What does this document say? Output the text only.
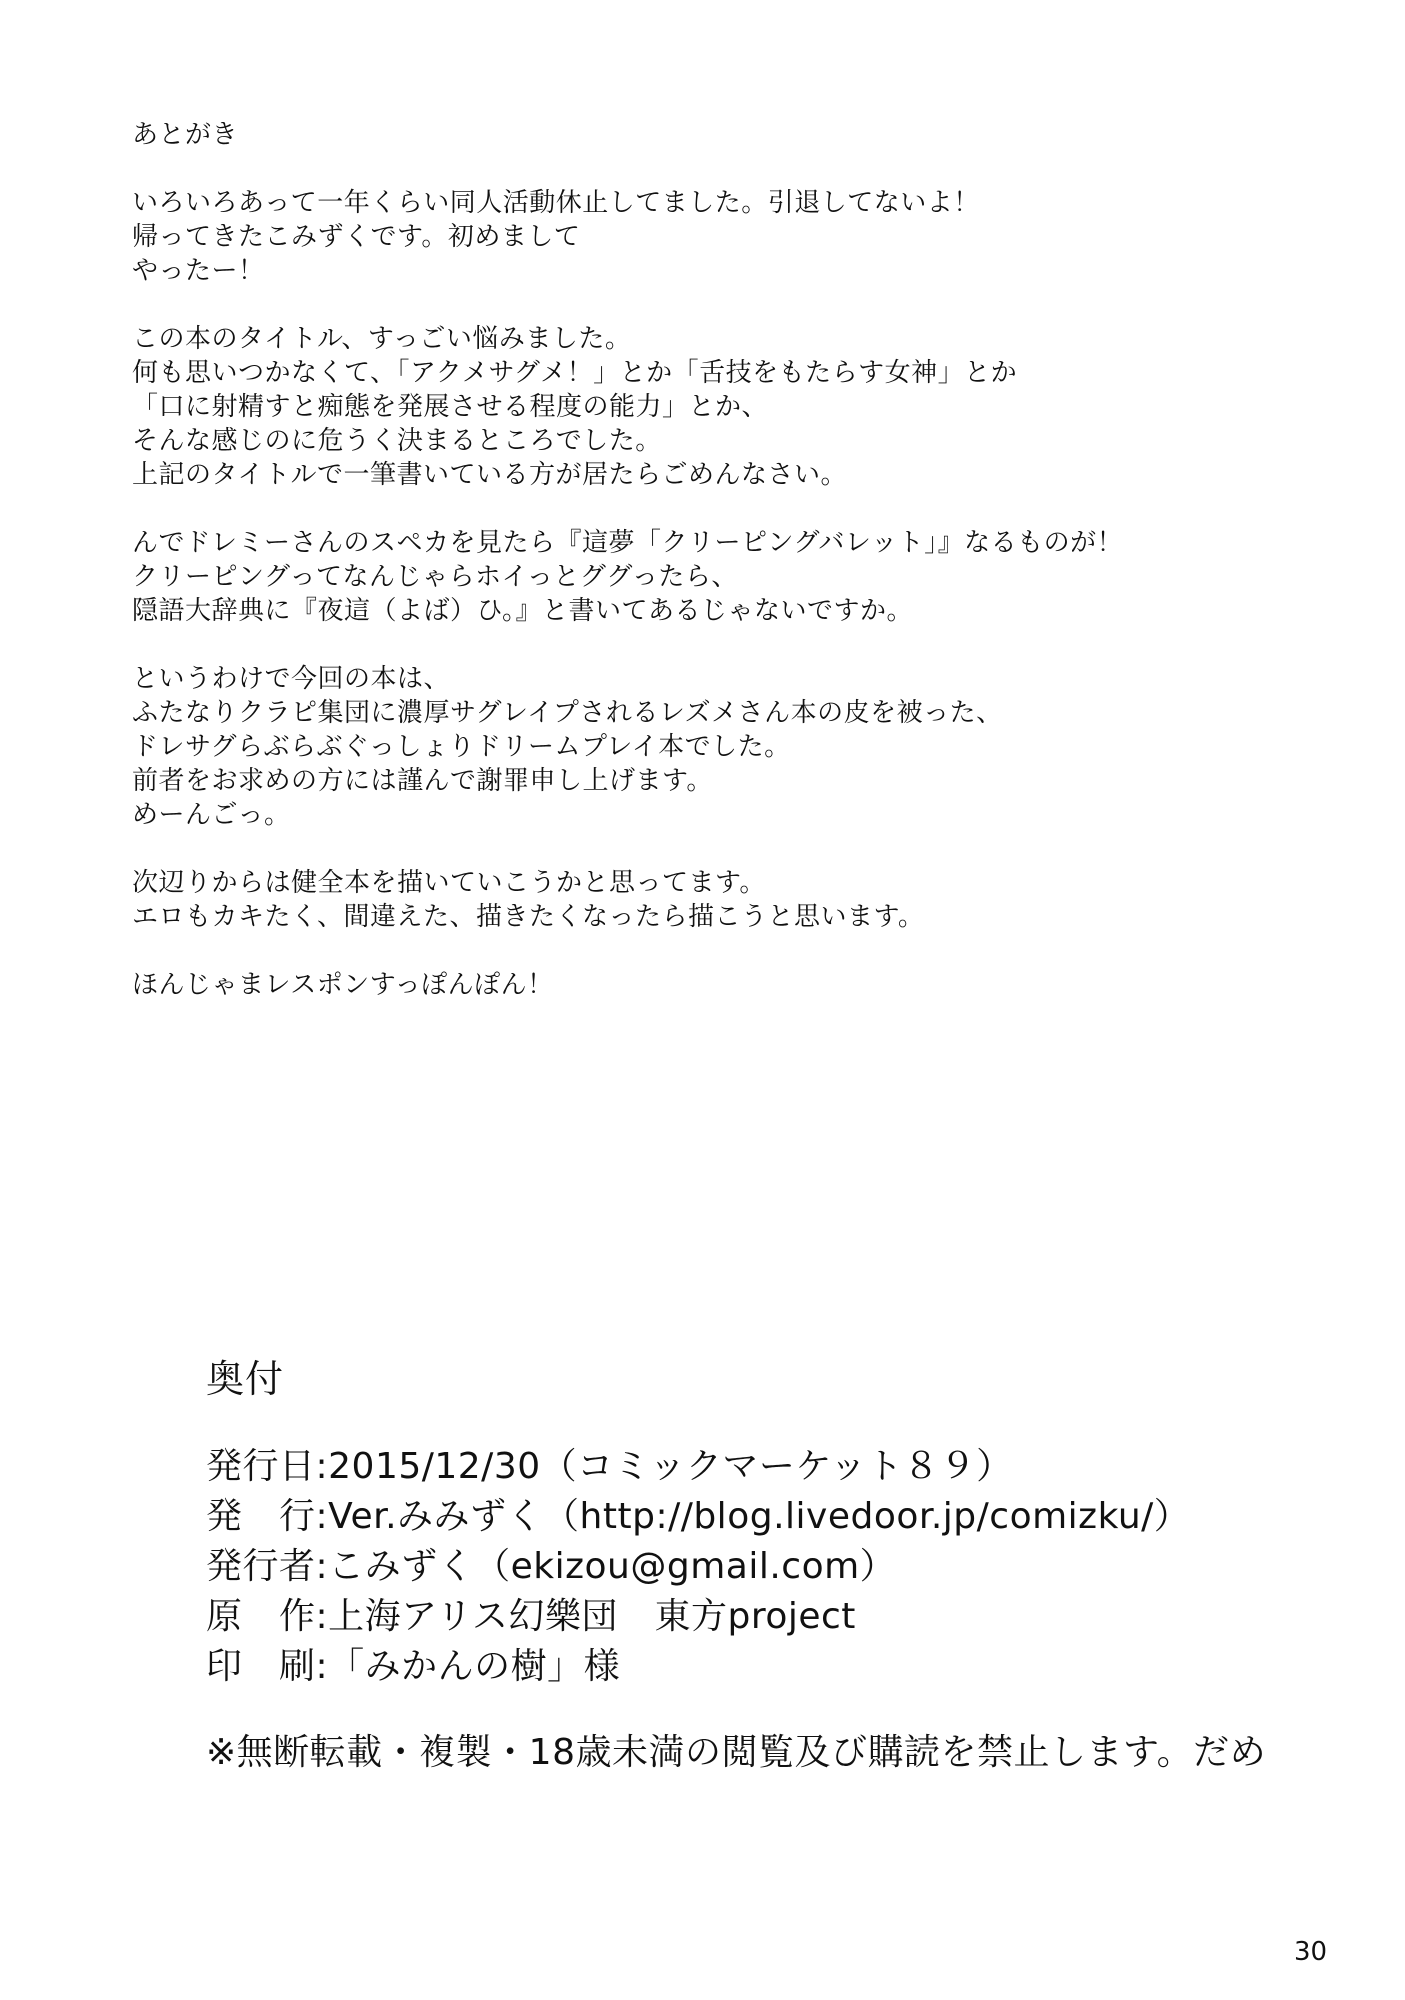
あとがき
いろいろあって一年くらい同人活動休止してました。引退してないよ！
帰ってきたこみずくです。初めまして
やったー！
この本のタイトル、すっごい悩みました。
何も思いつかなくて、「アクメサグメ！」とか「舌技をもたらす女神」とか
「口に射精すと痴態を発展させる程度の能力」とか、
そんな感じのに危うく決まるところでした。
上記のタイトルで一筆書いている方が居たらごめんなさい。
んでドレミーさんのスペカを見たら『這夢「クリーピングバレット」』なるものが！
クリーピングってなんじゃらホイっとググったら、
隠語大辞典に『夜這（よば）ひ。』と書いてあるじゃないですか。
というわけで今回の本は、
ふたなりクラピ集団に濃厚サグレイプされるレズメさん本の皮を被った、
ドレサグらぶらぶぐっしょりドリームプレイ本でした。
前者をお求めの方には謹んで謝罪申し上げます。
めーんごっ。
次辺りからは健全本を描いていこうかと思ってます。
エロもカキたく、間違えた、描きたくなったら描こうと思います。
ほんじゃまレスポンすっぽんぽん！
奥付
発行日:2015/12/30（コミックマーケット８９）
発　行:Ver.みみずく（http://blog.livedoor.jp/comizku/）
発行者:こみずく（ekizou@gmail.com）
原　作:上海アリス幻樂団　東方project
印　刷:「みかんの樹」様
※無断転載・複製・18歳未満の閲覧及び購読を禁止します。だめ
30
